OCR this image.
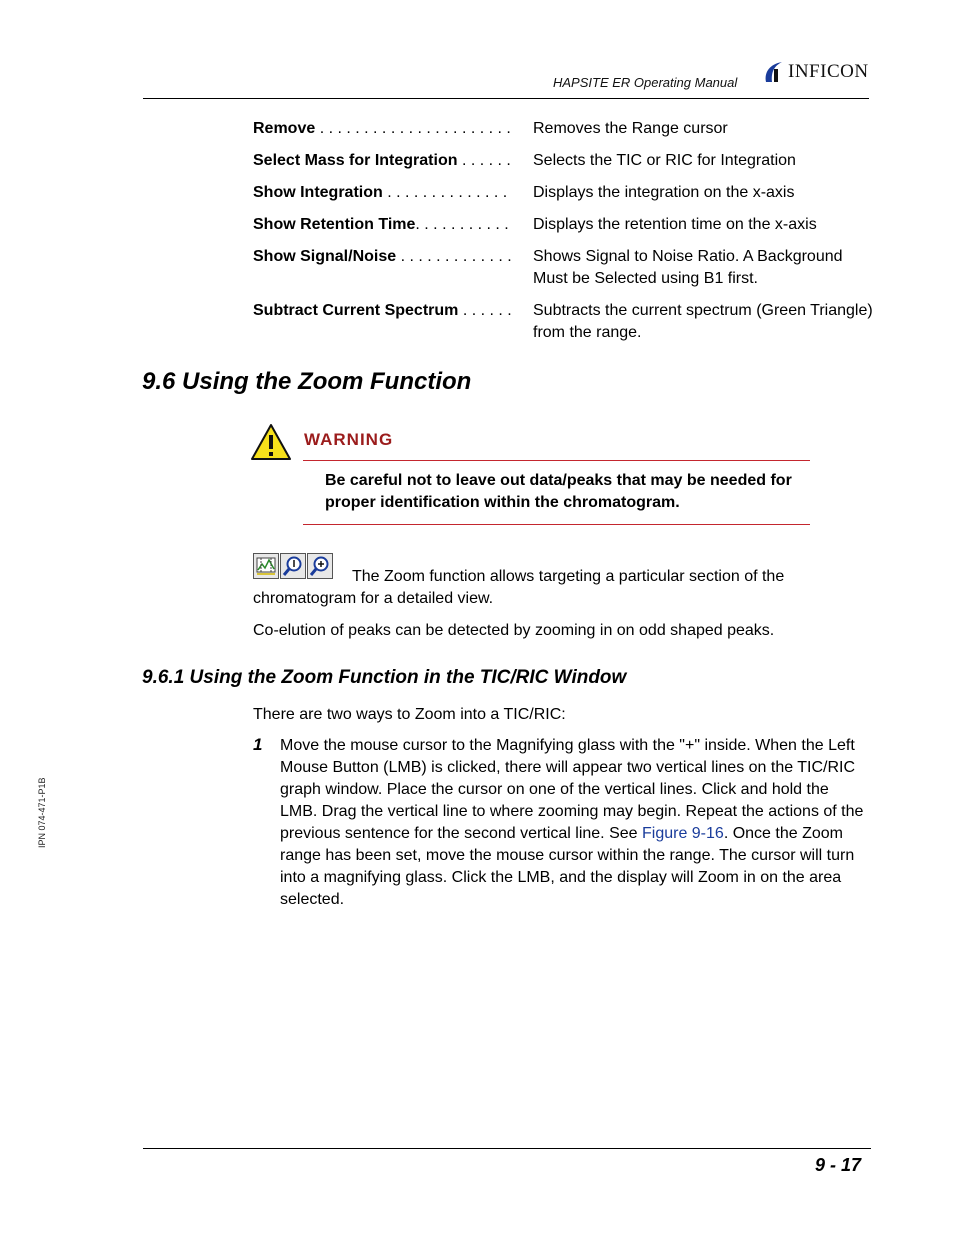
HAPSITE ER Operating Manual
INFICON
Remove . . . . . . . . . . . . . . . . . . . . . .	Removes the Range cursor
Select Mass for Integration . . . . . .	Selects the TIC or RIC for Integration
Show Integration . . . . . . . . . . . . . .	Displays the integration on the x-axis
Show Retention Time. . . . . . . . . . .	Displays the retention time on the x-axis
Show Signal/Noise . . . . . . . . . . . . .	Shows Signal to Noise Ratio. A Background Must be Selected using B1 first.
Subtract Current Spectrum . . . . . .	Subtracts the current spectrum (Green Triangle) from the range.
9.6 Using the Zoom Function
WARNING
Be careful not to leave out data/peaks that may be needed for proper identification within the chromatogram.
The Zoom function allows targeting a particular section of the chromatogram for a detailed view.
Co-elution of peaks can be detected by zooming in on odd shaped peaks.
9.6.1 Using the Zoom Function in the TIC/RIC Window
There are two ways to Zoom into a TIC/RIC:
1 Move the mouse cursor to the Magnifying glass with the "+" inside. When the Left Mouse Button (LMB) is clicked, there will appear two vertical lines on the TIC/RIC graph window. Place the cursor on one of the vertical lines. Click and hold the LMB. Drag the vertical line to where zooming may begin. Repeat the actions of the previous sentence for the second vertical line. See Figure 9-16. Once the Zoom range has been set, move the mouse cursor within the range. The cursor will turn into a magnifying glass. Click the LMB, and the display will Zoom in on the area selected.
IPN 074-471-P1B
9 - 17
